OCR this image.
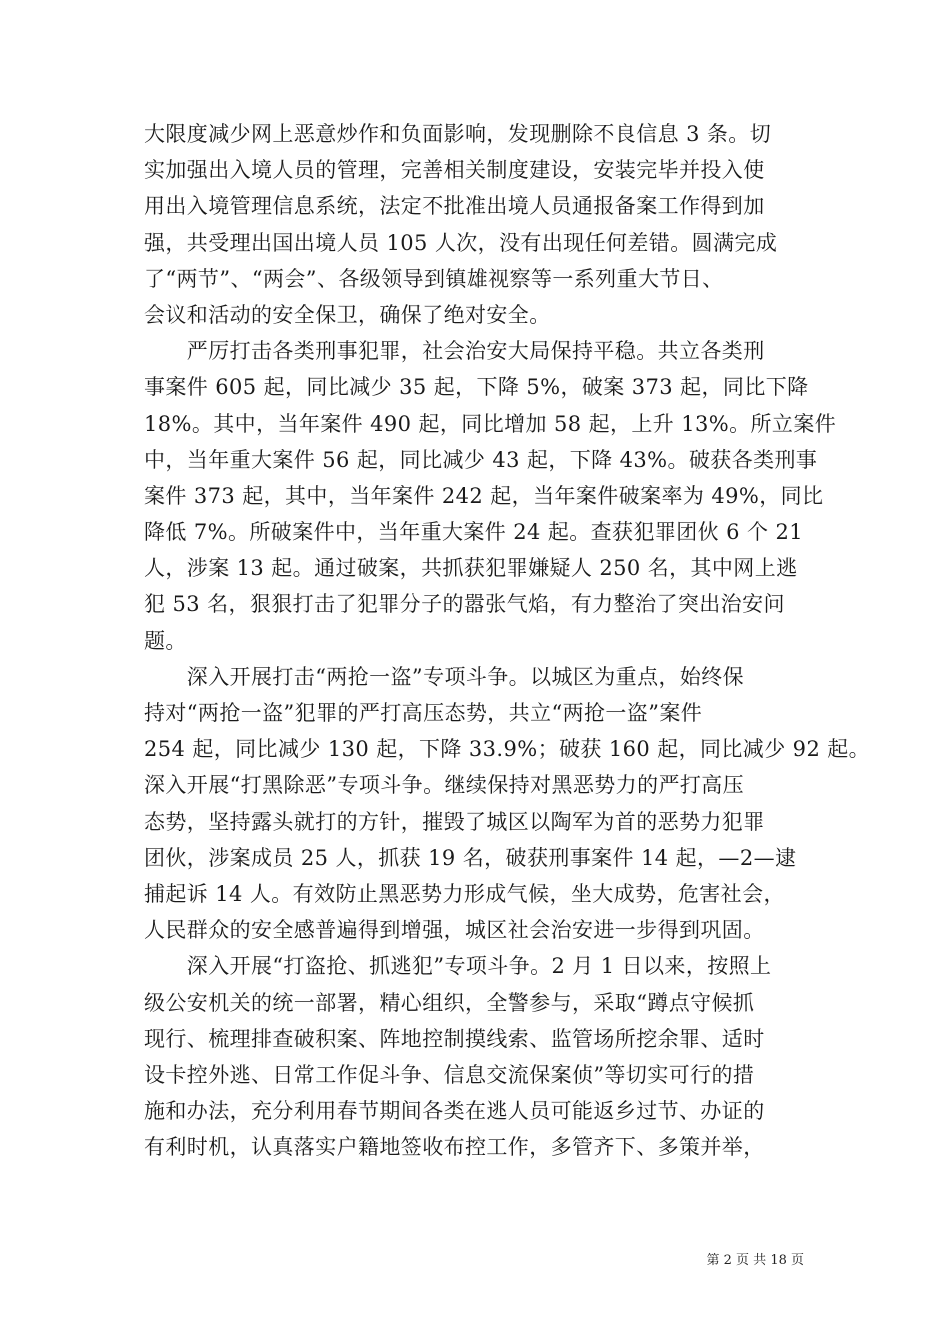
大限度减少网上恶意炒作和负面影响，发现删除不良信息 3 条。切
实加强出入境人员的管理，完善相关制度建设，安装完毕并投入使
用出入境管理信息系统，法定不批准出境人员通报备案工作得到加
强，共受理出国出境人员 105 人次，没有出现任何差错。圆满完成
了“两节”、“两会”、各级领导到镇雄视察等一系列重大节日、
会议和活动的安全保卫，确保了绝对安全。
　　严厉打击各类刑事犯罪，社会治安大局保持平稳。共立各类刑
事案件 605 起，同比减少 35 起，下降 5%，破案 373 起，同比下降
18%。其中，当年案件 490 起，同比增加 58 起，上升 13%。所立案件
中，当年重大案件 56 起，同比减少 43 起，下降 43%。破获各类刑事
案件 373 起，其中，当年案件 242 起，当年案件破案率为 49%，同比
降低 7%。所破案件中，当年重大案件 24 起。查获犯罪团伙 6 个 21
人，涉案 13 起。通过破案，共抓获犯罪嫌疑人 250 名，其中网上逃
犯 53 名，狠狠打击了犯罪分子的嚣张气焰，有力整治了突出治安问
题。
　　深入开展打击“两抢一盗”专项斗争。以城区为重点，始终保
持对“两抢一盗”犯罪的严打高压态势，共立“两抢一盗”案件
254 起，同比减少 130 起，下降 33.9%；破获 160 起，同比减少 92 起。
深入开展“打黑除恶”专项斗争。继续保持对黑恶势力的严打高压
态势，坚持露头就打的方针，摧毁了城区以陶军为首的恶势力犯罪
团伙，涉案成员 25 人，抓获 19 名，破获刑事案件 14 起，—2—逮
捕起诉 14 人。有效防止黑恶势力形成气候，坐大成势，危害社会，
人民群众的安全感普遍得到增强，城区社会治安进一步得到巩固。
　　深入开展“打盗抢、抓逃犯”专项斗争。2 月 1 日以来，按照上
级公安机关的统一部署，精心组织，全警参与，采取“蹲点守候抓
现行、梳理排查破积案、阵地控制摸线索、监管场所挖余罪、适时
设卡控外逃、日常工作促斗争、信息交流保案侦”等切实可行的措
施和办法，充分利用春节期间各类在逃人员可能返乡过节、办证的
有利时机，认真落实户籍地签收布控工作，多管齐下、多策并举，
第 2 页 共 18 页
